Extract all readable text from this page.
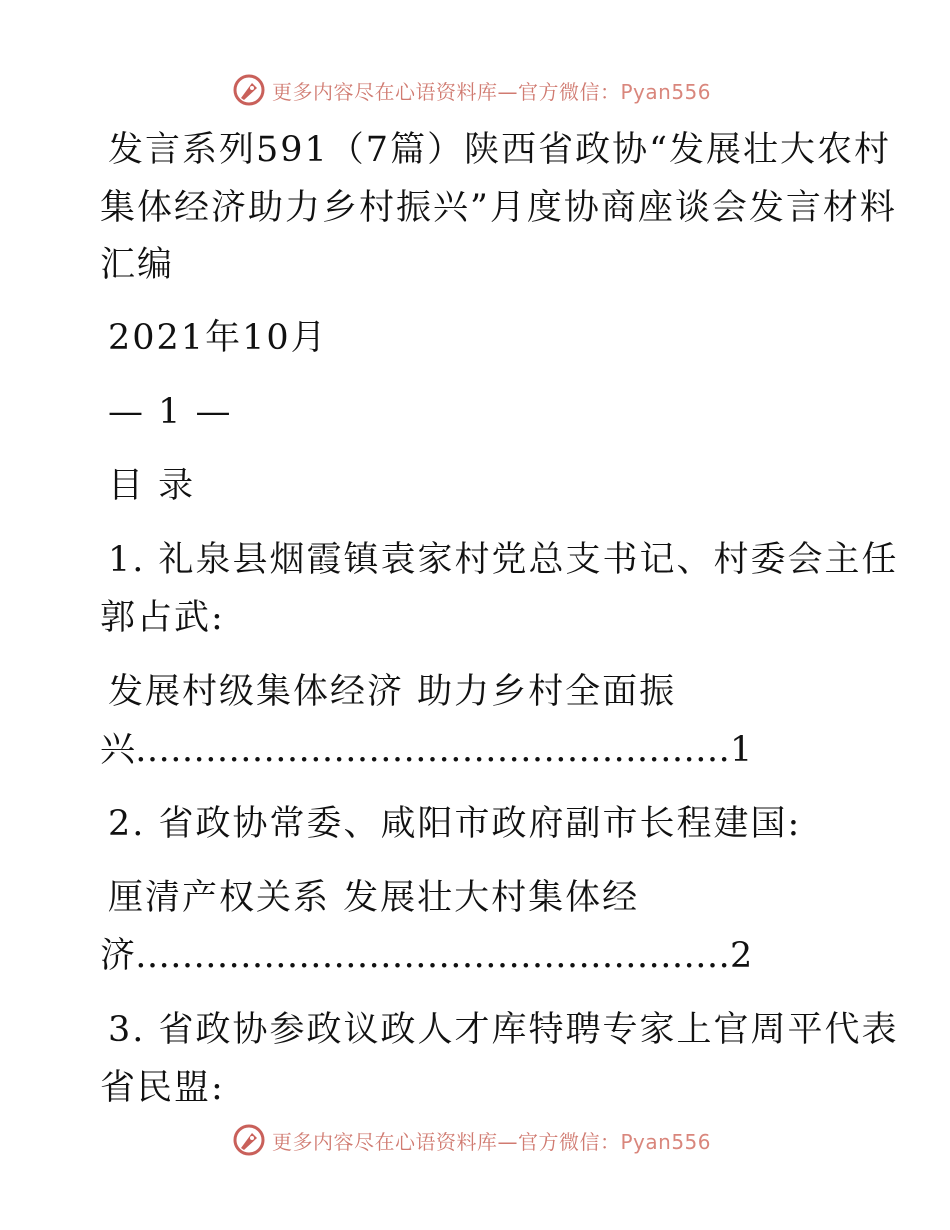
更多内容尽在心语资料库—官方微信：Pyan556
发言系列591（7篇）陕西省政协“发展壮大农村
集体经济助力乡村振兴”月度协商座谈会发言材料
汇编
2021年10月
— 1 —
目 录
1. 礼泉县烟霞镇袁家村党总支书记、村委会主任
郭占武:
发展村级集体经济 助力乡村全面振
兴……………………………………………1
2. 省政协常委、咸阳市政府副市长程建国:
厘清产权关系 发展壮大村集体经
济……………………………………………2
3. 省政协参政议政人才库特聘专家上官周平代表
省民盟:
更多内容尽在心语资料库—官方微信：Pyan556
